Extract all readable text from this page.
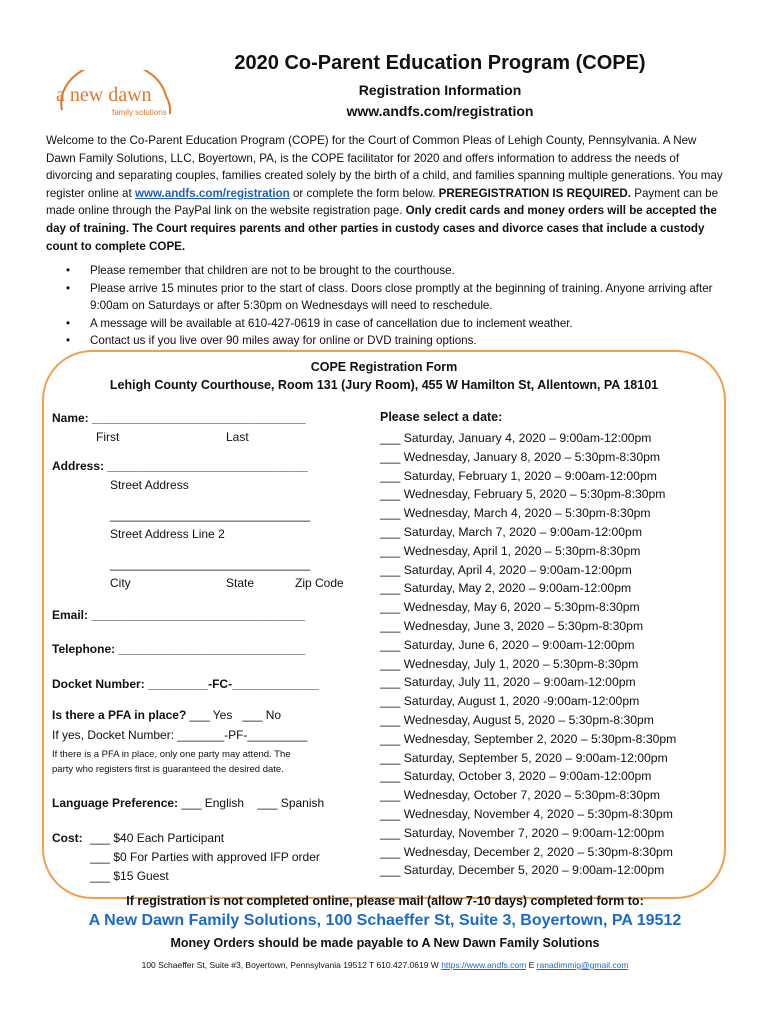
a new dawn
family solutions
2020 Co-Parent Education Program (COPE)
Registration Information
www.andfs.com/registration
Welcome to the Co-Parent Education Program (COPE) for the Court of Common Pleas of Lehigh County, Pennsylvania. A New Dawn Family Solutions, LLC, Boyertown, PA, is the COPE facilitator for 2020 and offers information to address the needs of divorcing and separating couples, families created solely by the birth of a child, and families spanning multiple generations. You may register online at www.andfs.com/registration or complete the form below. PREREGISTRATION IS REQUIRED. Payment can be made online through the PayPal link on the website registration page. Only credit cards and money orders will be accepted the day of training. The Court requires parents and other parties in custody cases and divorce cases that include a custody count to complete COPE.
• Please remember that children are not to be brought to the courthouse.
• Please arrive 15 minutes prior to the start of class. Doors close promptly at the beginning of training. Anyone arriving after 9:00am on Saturdays or after 5:30pm on Wednesdays will need to reschedule.
• A message will be available at 610-427-0619 in case of cancellation due to inclement weather.
• Contact us if you live over 90 miles away for online or DVD training options.
COPE Registration Form
Lehigh County Courthouse, Room 131 (Jury Room), 455 W Hamilton St, Allentown, PA 18101
Name: ________________________________
First	Last
Address: ______________________________
Street Address
______________________________
Street Address Line 2
______________________________
City	State	Zip Code
Email: ________________________________
Telephone: ____________________________
Docket Number: _________-FC-_____________
Is there a PFA in place? ___ Yes ___ No
If yes, Docket Number: _______-PF-_________
If there is a PFA in place, only one party may attend. The
party who registers first is guaranteed the desired date.
Language Preference: ___ English ___ Spanish
Cost: ___ $40 Each Participant
___ $0 For Parties with approved IFP order
___ $15 Guest
Please select a date:
___ Saturday, January 4, 2020 – 9:00am-12:00pm
___ Wednesday, January 8, 2020 – 5:30pm-8:30pm
___ Saturday, February 1, 2020 – 9:00am-12:00pm
___ Wednesday, February 5, 2020 – 5:30pm-8:30pm
___ Wednesday, March 4, 2020 – 5:30pm-8:30pm
___ Saturday, March 7, 2020 – 9:00am-12:00pm
___ Wednesday, April 1, 2020 – 5:30pm-8:30pm
___ Saturday, April 4, 2020 – 9:00am-12:00pm
___ Saturday, May 2, 2020 – 9:00am-12:00pm
___ Wednesday, May 6, 2020 – 5:30pm-8:30pm
___ Wednesday, June 3, 2020 – 5:30pm-8:30pm
___ Saturday, June 6, 2020 – 9:00am-12:00pm
___ Wednesday, July 1, 2020 – 5:30pm-8:30pm
___ Saturday, July 11, 2020 – 9:00am-12:00pm
___ Saturday, August 1, 2020 -9:00am-12:00pm
___ Wednesday, August 5, 2020 – 5:30pm-8:30pm
___ Wednesday, September 2, 2020 – 5:30pm-8:30pm
___ Saturday, September 5, 2020 – 9:00am-12:00pm
___ Saturday, October 3, 2020 – 9:00am-12:00pm
___ Wednesday, October 7, 2020 – 5:30pm-8:30pm
___ Wednesday, November 4, 2020 – 5:30pm-8:30pm
___ Saturday, November 7, 2020 – 9:00am-12:00pm
___ Wednesday, December 2, 2020 – 5:30pm-8:30pm
___ Saturday, December 5, 2020 – 9:00am-12:00pm
If registration is not completed online, please mail (allow 7-10 days) completed form to:
A New Dawn Family Solutions, 100 Schaeffer St, Suite 3, Boyertown, PA 19512
Money Orders should be made payable to A New Dawn Family Solutions
100 Schaeffer St, Suite #3, Boyertown, Pennsylvania 19512 T 610.427.0619 W https://www.andfs.com E ranadimmig@gmail.com
